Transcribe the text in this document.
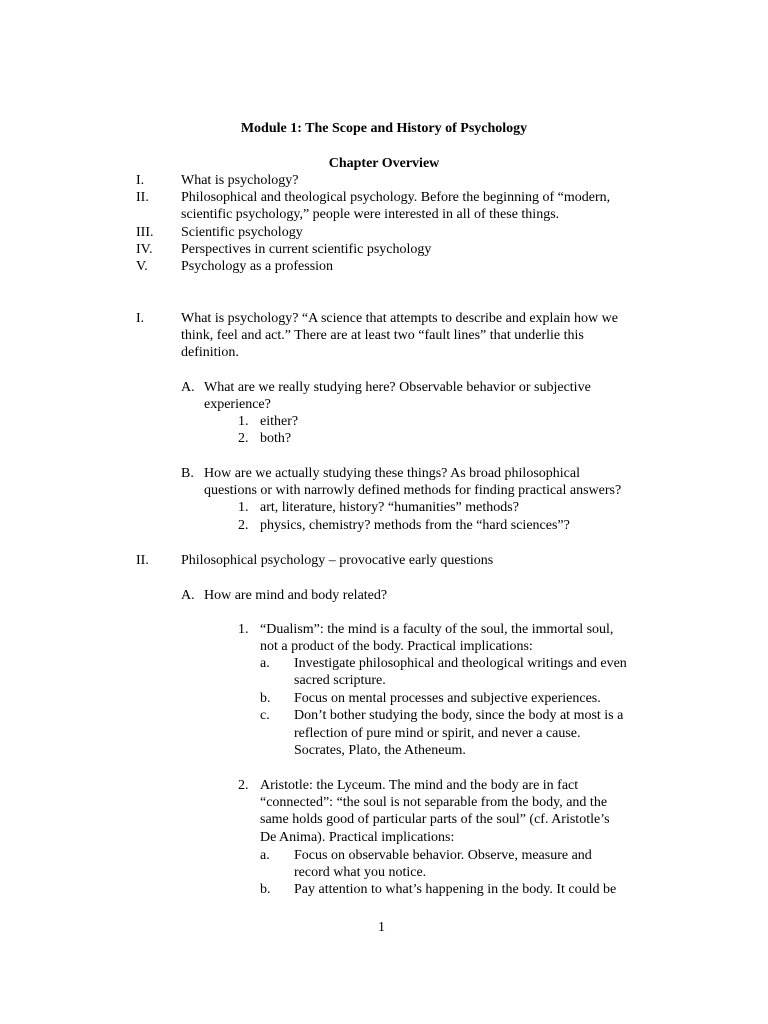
Module 1: The Scope and History of Psychology
Chapter Overview
I.	What is psychology?
II. Philosophical and theological psychology. Before the beginning of “modern,
scientific psychology,” people were interested in all of these things.
III. Scientific psychology
IV. Perspectives in current scientific psychology
V. Psychology as a profession
I.	What is psychology? “A science that attempts to describe and explain how we
think, feel and act.” There are at least two “fault lines” that underlie this
definition.
A. What are we really studying here? Observable behavior or subjective
experience?
1. either?
2. both?
B. How are we actually studying these things? As broad philosophical
questions or with narrowly defined methods for finding practical answers?
1. art, literature, history? “humanities” methods?
2. physics, chemistry? methods from the “hard sciences”?
II. Philosophical psychology – provocative early questions
A. How are mind and body related?
1. “Dualism”: the mind is a faculty of the soul, the immortal soul,
not a product of the body. Practical implications:
a. Investigate philosophical and theological writings and even
sacred scripture.
b. Focus on mental processes and subjective experiences.
c. Don’t bother studying the body, since the body at most is a
reflection of pure mind or spirit, and never a cause.
Socrates, Plato, the Atheneum.
2. Aristotle: the Lyceum. The mind and the body are in fact
“connected”: “the soul is not separable from the body, and the
same holds good of particular parts of the soul” (cf. Aristotle’s
De Anima). Practical implications:
a. Focus on observable behavior. Observe, measure and
record what you notice.
b. Pay attention to what’s happening in the body. It could be
1
